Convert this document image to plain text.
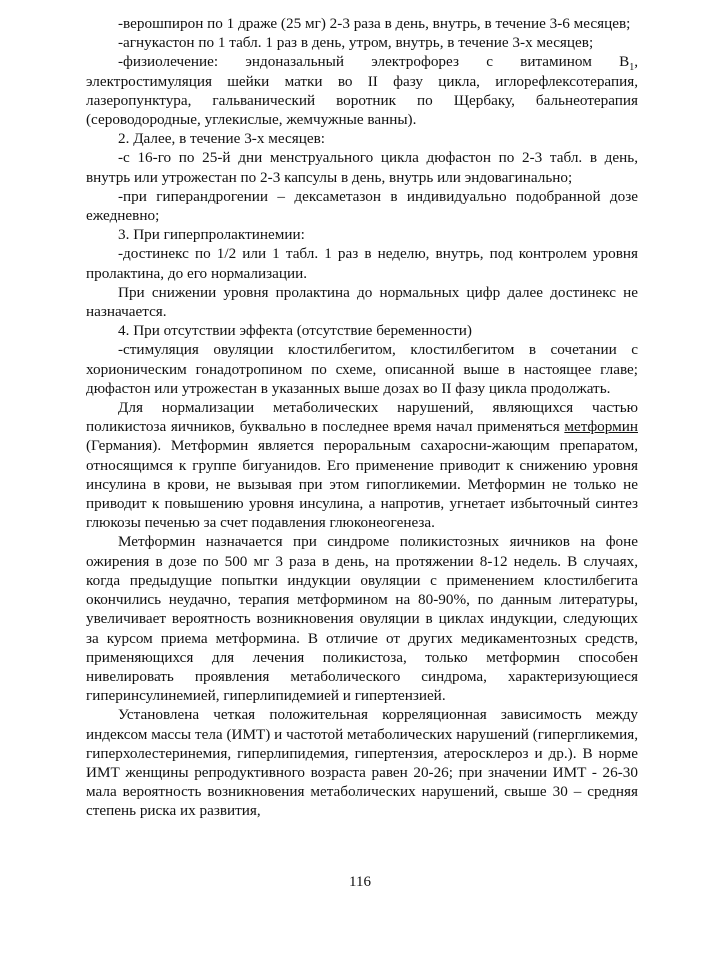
-верошпирон по 1 драже (25 мг) 2-3 раза в день, внутрь, в течение 3-6 месяцев;

-агнукастон по 1 табл. 1 раз в день, утром, внутрь, в течение 3-х месяцев;

-физиолечение: эндоназальный электрофорез с витамином $B_1$, электростимуляция шейки матки во II фазу цикла, иглорефлексотерапия, лазеропунктура, гальванический воротник по Щербаку, бальнеотерапия (сероводородные, углекислые, жемчужные ванны).

2. Далее, в течение 3-х месяцев:

-с 16-го по 25-й дни менструального цикла дюфастон по 2-3 табл. в день, внутрь или утрожестан по 2-3 капсулы в день, внутрь или эндовагинально;

-при гиперандрогении – дексаметазон в индивидуально подобранной дозе ежедневно;

3. При гиперпролактинемии:

-достинекс по 1/2 или 1 табл. 1 раз в неделю, внутрь, под контролем уровня пролактина, до его нормализации.

При снижении уровня пролактина до нормальных цифр далее достинекс не назначается.

4. При отсутствии эффекта (отсутствие беременности)

-стимуляция овуляции клостилбегитом, клостилбегитом в сочетании с хорионическим гонадотропином по схеме, описанной выше в настоящее главе; дюфастон или утрожестан в указанных выше дозах во II фазу цикла продолжать.

Для нормализации метаболических нарушений, являющихся частью поликистоза яичников, буквально в последнее время начал применяться метформин (Германия). Метформин является пероральным сахаросни-жающим препаратом, относящимся к группе бигуанидов. Его применение приводит к снижению уровня инсулина в крови, не вызывая при этом гипогликемии. Метформин не только не приводит к повышению уровня инсулина, а напротив, угнетает избыточный синтез глюкозы печенью за счет подавления глюконеогенеза.

Метформин назначается при синдроме поликистозных яичников на фоне ожирения в дозе по 500 мг 3 раза в день, на протяжении 8-12 недель. В случаях, когда предыдущие попытки индукции овуляции с применением клостилбегита окончились неудачно, терапия метформином на 80-90%, по данным литературы, увеличивает вероятность возникновения овуляции в циклах индукции, следующих за курсом приема метформина. В отличие от других медикаментозных средств, применяющихся для лечения поликистоза, только метформин способен нивелировать проявления метаболического синдрома, характеризующиеся гиперинсулинемией, гиперлипидемией и гипертензией.

Установлена четкая положительная корреляционная зависимость между индексом массы тела (ИМТ) и частотой метаболических нарушений (гипергликемия, гиперхолестеринемия, гиперлипидемия, гипертензия, атеросклероз и др.). В норме ИМТ женщины репродуктивного возраста равен 20-26; при значении ИМТ - 26-30 мала вероятность возникновения метаболических нарушений, свыше 30 – средняя степень риска их развития,

116
